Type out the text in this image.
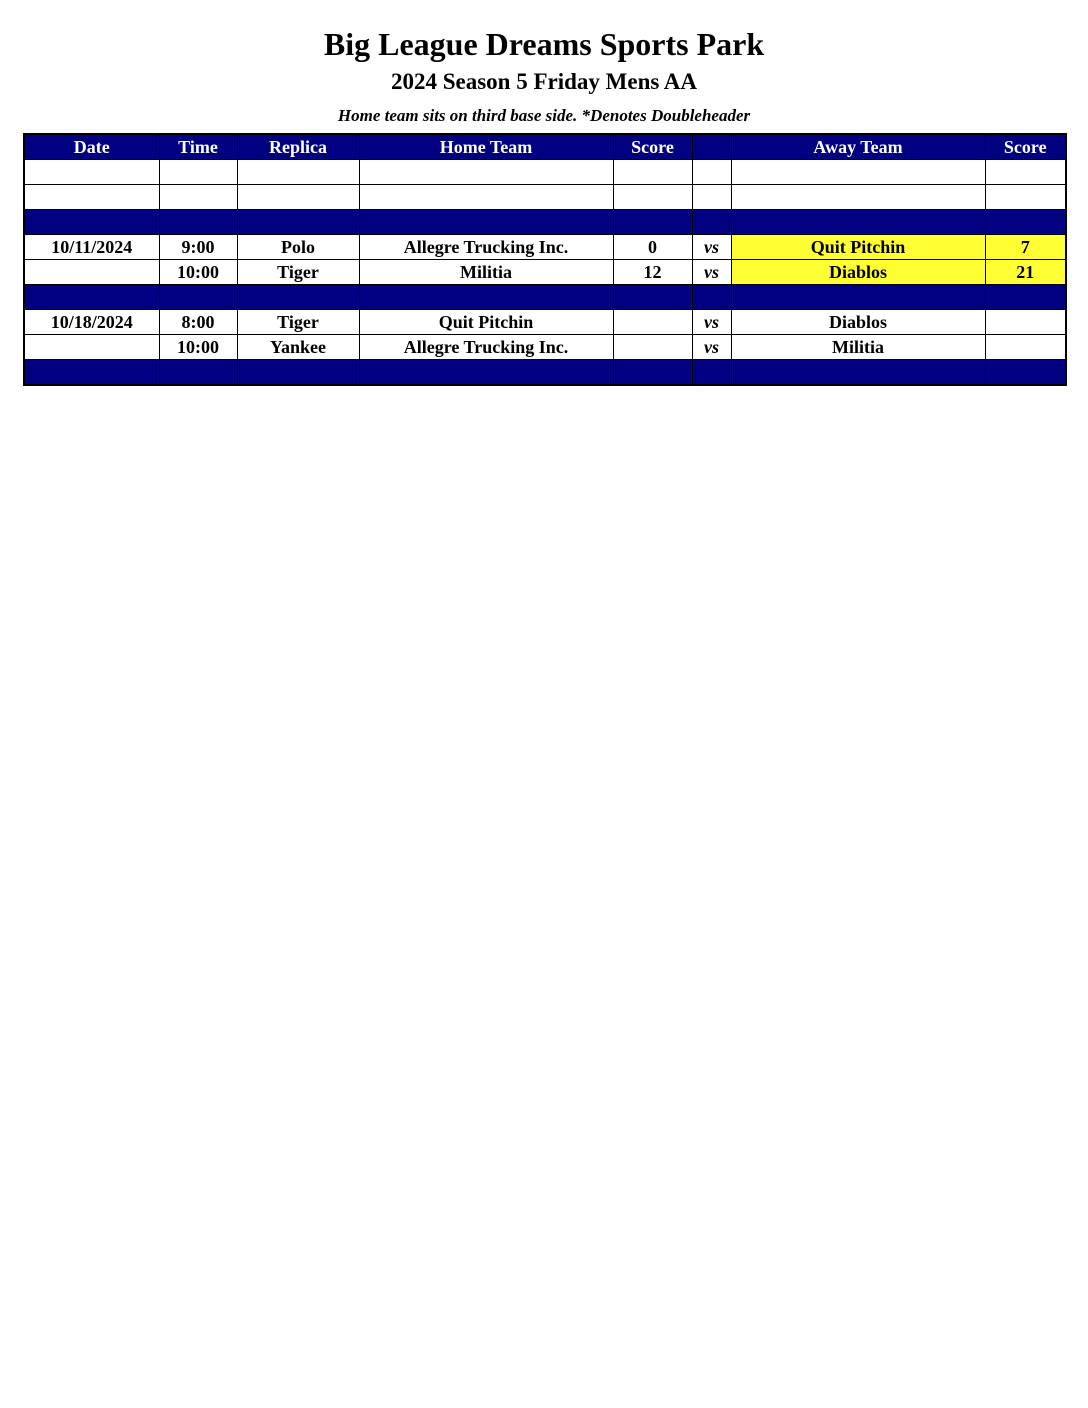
Big League Dreams Sports Park
2024 Season 5 Friday Mens AA
Home team sits on third base side. *Denotes Doubleheader
Date	Time	Replica	Home Team	Score		Away Team	Score

10/11/2024	9:00	Polo	Allegre Trucking Inc.	0	vs	Quit Pitchin	7
	10:00	Tiger	Militia	12	vs	Diablos	21

10/18/2024	8:00	Tiger	Quit Pitchin		vs	Diablos	
	10:00	Yankee	Allegre Trucking Inc.		vs	Militia	
